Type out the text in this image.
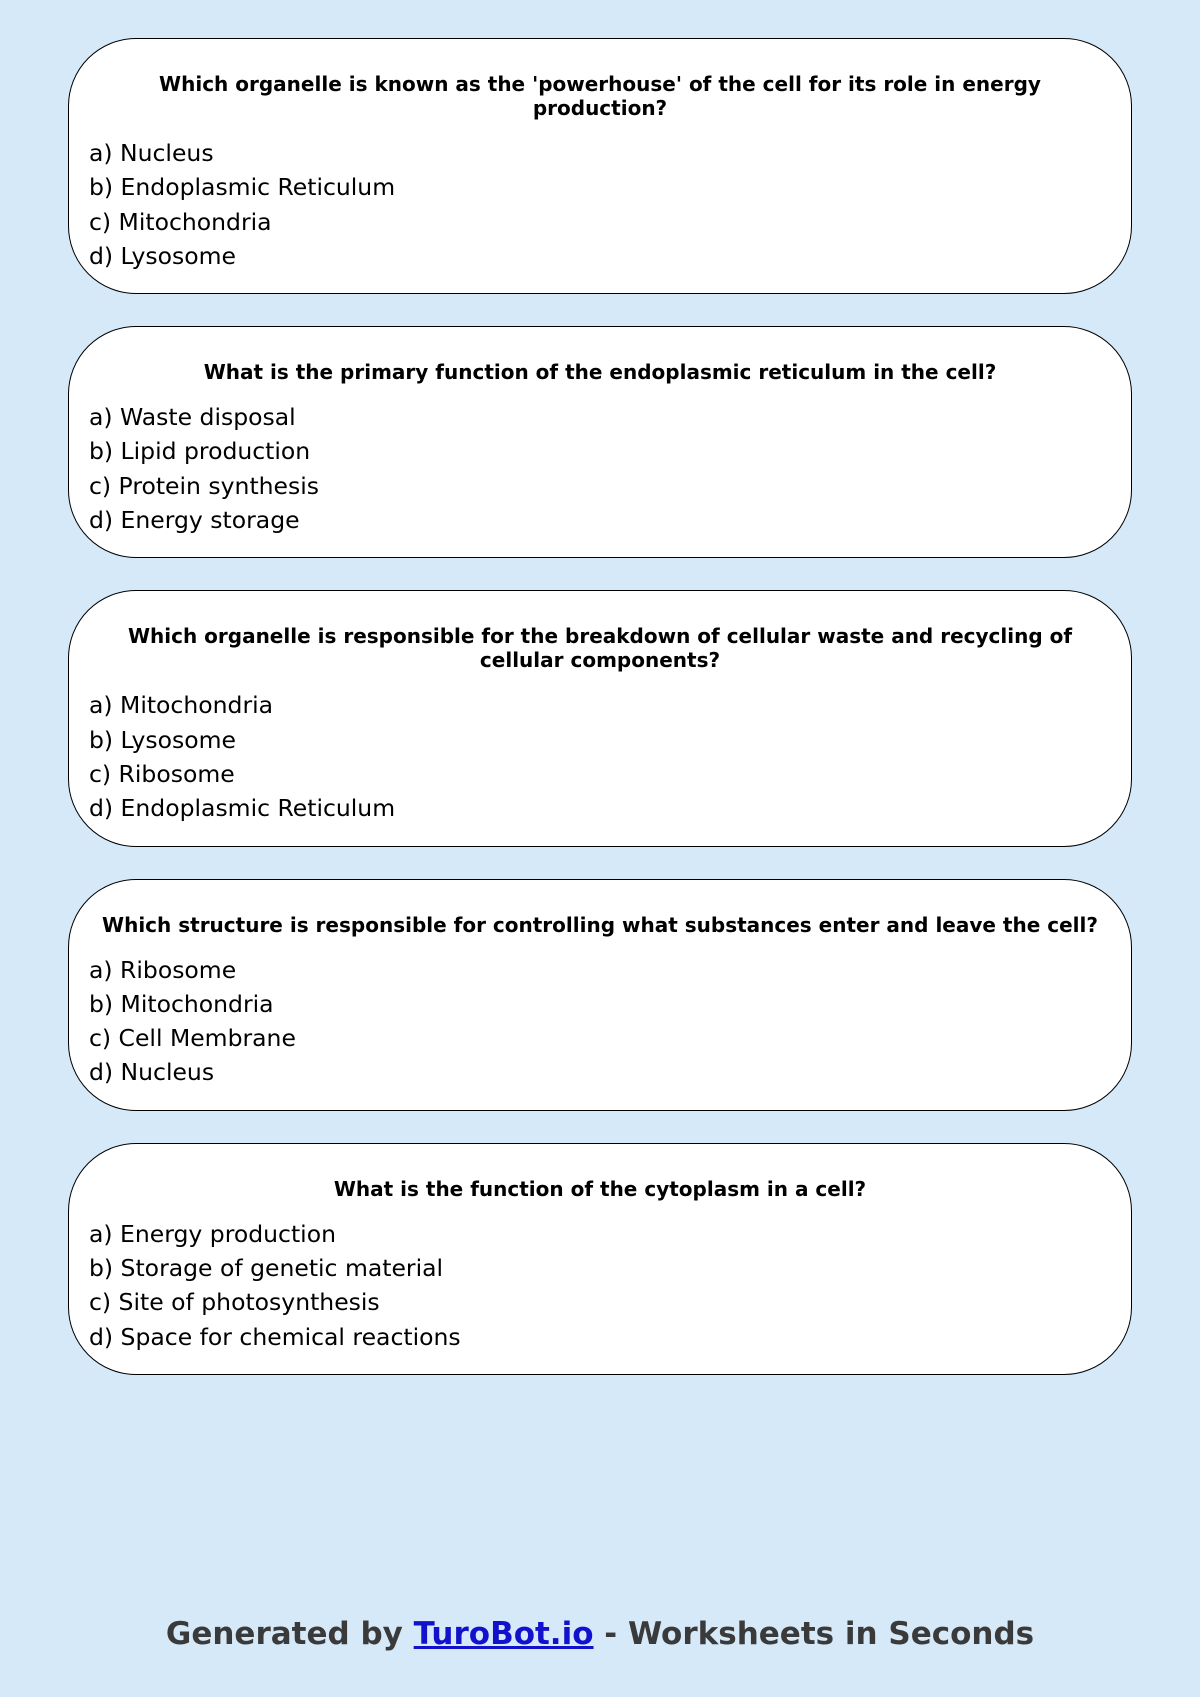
Which organelle is known as the 'powerhouse' of the cell for its role in energy production?
a) Nucleus
b) Endoplasmic Reticulum
c) Mitochondria
d) Lysosome
What is the primary function of the endoplasmic reticulum in the cell?
a) Waste disposal
b) Lipid production
c) Protein synthesis
d) Energy storage
Which organelle is responsible for the breakdown of cellular waste and recycling of cellular components?
a) Mitochondria
b) Lysosome
c) Ribosome
d) Endoplasmic Reticulum
Which structure is responsible for controlling what substances enter and leave the cell?
a) Ribosome
b) Mitochondria
c) Cell Membrane
d) Nucleus
What is the function of the cytoplasm in a cell?
a) Energy production
b) Storage of genetic material
c) Site of photosynthesis
d) Space for chemical reactions
Generated by TuroBot.io - Worksheets in Seconds
